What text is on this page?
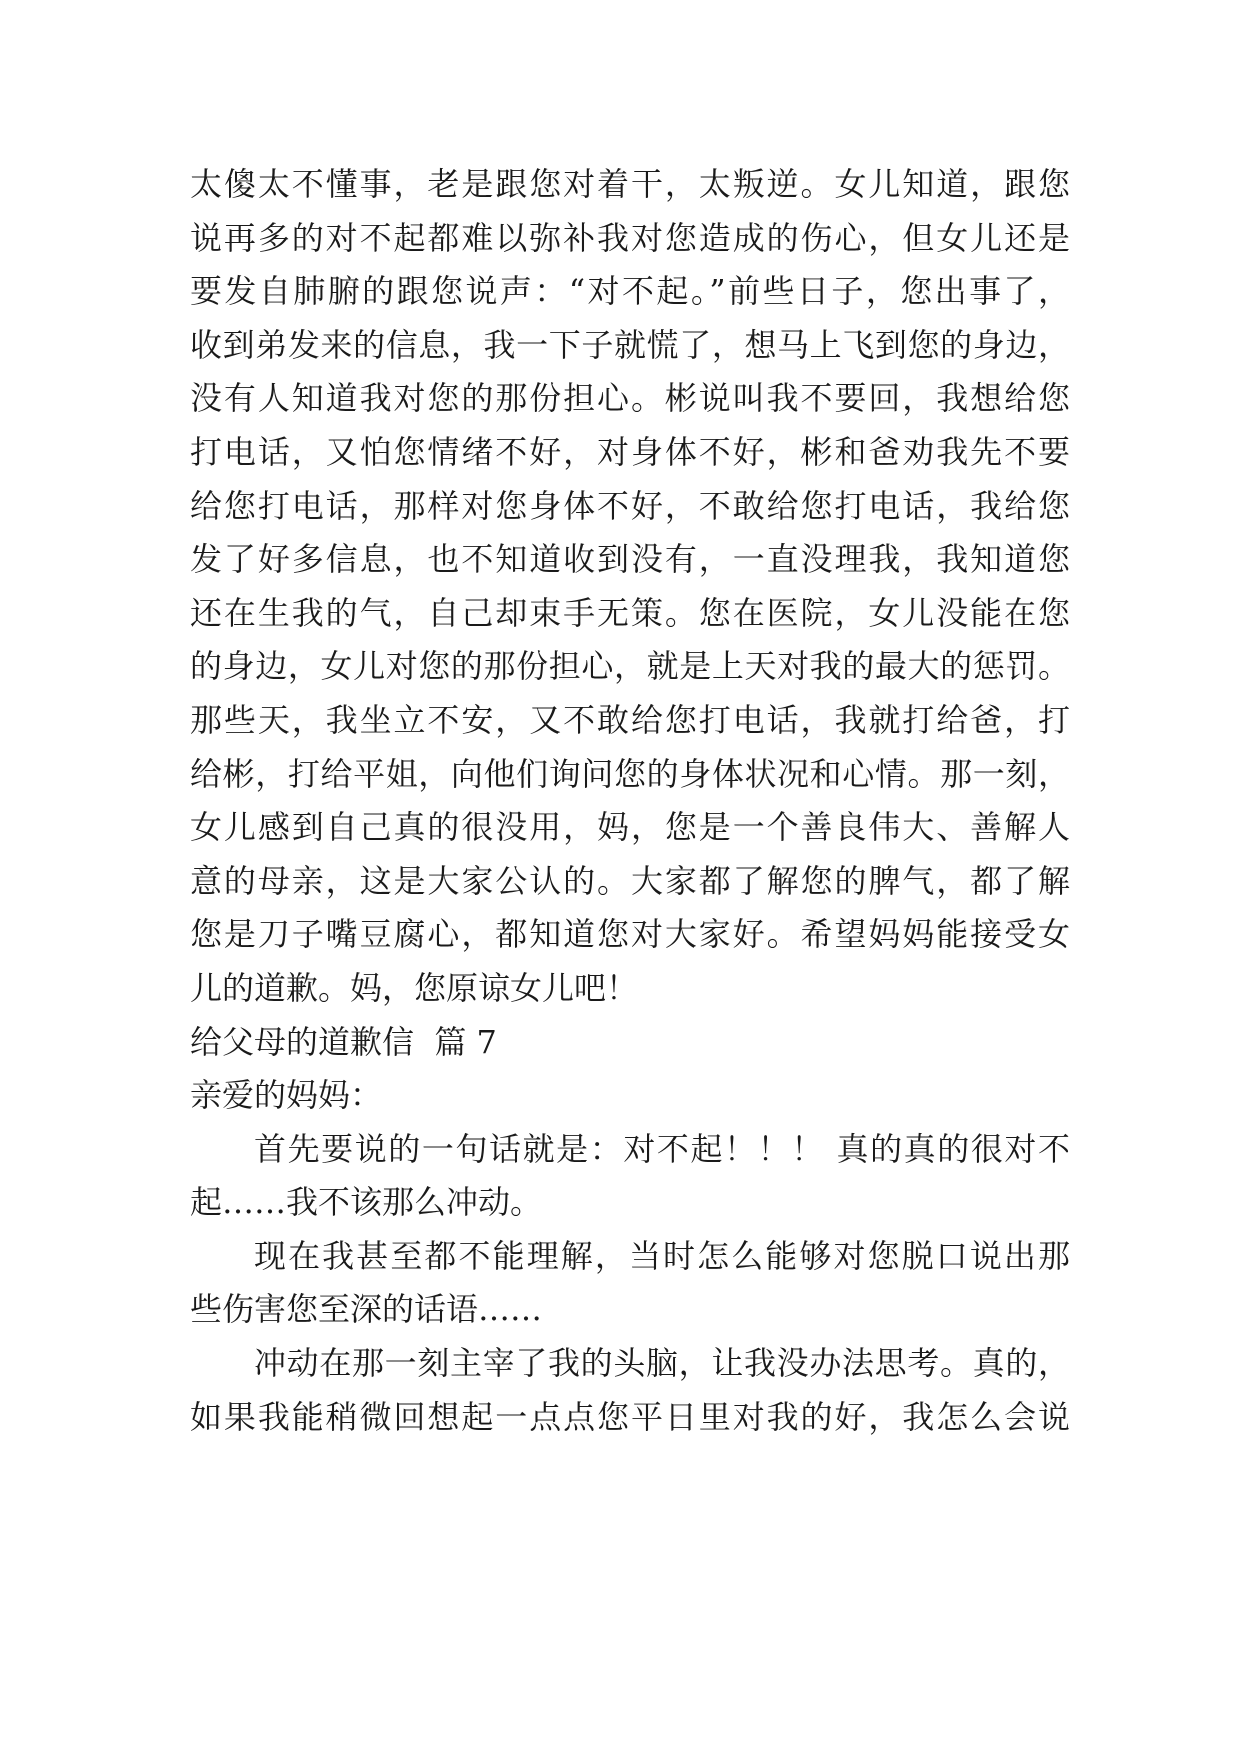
太傻太不懂事，老是跟您对着干，太叛逆。女儿知道，跟您
说再多的对不起都难以弥补我对您造成的伤心，但女儿还是
要发自肺腑的跟您说声：“对不起。”前些日子，您出事了，
收到弟发来的信息，我一下子就慌了，想马上飞到您的身边，
没有人知道我对您的那份担心。彬说叫我不要回，我想给您
打电话，又怕您情绪不好，对身体不好，彬和爸劝我先不要
给您打电话，那样对您身体不好，不敢给您打电话，我给您
发了好多信息，也不知道收到没有，一直没理我，我知道您
还在生我的气，自己却束手无策。您在医院，女儿没能在您
的身边，女儿对您的那份担心，就是上天对我的最大的惩罚。
那些天，我坐立不安，又不敢给您打电话，我就打给爸，打
给彬，打给平姐，向他们询问您的身体状况和心情。那一刻，
女儿感到自己真的很没用，妈，您是一个善良伟大、善解人
意的母亲，这是大家公认的。大家都了解您的脾气，都了解
您是刀子嘴豆腐心，都知道您对大家好。希望妈妈能接受女
儿的道歉。妈，您原谅女儿吧！
给父母的道歉信  篇 7
亲爱的妈妈：
首先要说的一句话就是：对不起！！！ 真的真的很对不
起……我不该那么冲动。
现在我甚至都不能理解，当时怎么能够对您脱口说出那
些伤害您至深的话语……
冲动在那一刻主宰了我的头脑，让我没办法思考。真的，
如果我能稍微回想起一点点您平日里对我的好，我怎么会说
